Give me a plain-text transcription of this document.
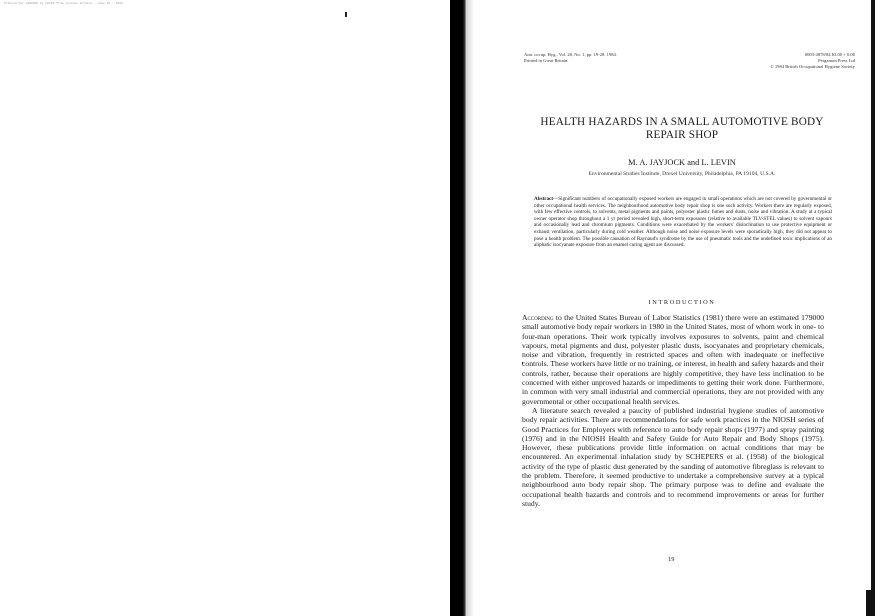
Printed for JANZOCK by LEVIN from journal archive · page 19 · 1984
Ann. occup. Hyg., Vol. 28, No. 1, pp. 19-28, 1984.
Printed in Great Britain.
0003-4878/84 $3.00 + 0.00
Pergamon Press Ltd
© 1984 British Occupational Hygiene Society
HEALTH HAZARDS IN A SMALL AUTOMOTIVE BODY REPAIR SHOP
M. A. JAYJOCK and L. LEVIN
Environmental Studies Institute, Drexel University, Philadelphia, PA 19104, U.S.A.
Abstract—Significant numbers of occupationally exposed workers are engaged in small operations which are not covered by governmental or other occupational health services. The neighbourhood automotive body repair shop is one such activity. Workers there are regularly exposed, with few effective controls, to solvents, metal pigments and paints, polyester plastic fumes and dusts, noise and vibration. A study at a typical owner operator shop throughout a 1 yr period revealed high, short-term exposures (relative to available TLV-STEL values) to solvent vapours and occasionally lead and chromium pigments. Conditions were exacerbated by the workers' disinclination to use protective equipment or exhaust ventilation, particularly during cold weather. Although noise and noise exposure levels were sporadically high, they did not appear to pose a health problem. The possible causation of Raynaud's syndrome by the use of pneumatic tools and the undefined toxic implications of an aliphatic isocyanate exposure from an enamel curing agent are discussed.
INTRODUCTION

According to the United States Bureau of Labor Statistics (1981) there were an estimated 179000 small automotive body repair workers in 1980 in the United States, most of whom work in one- to four-man operations. Their work typically involves exposures to solvents, paint and chemical vapours, metal pigments and dust, polyester plastic dusts, isocyanates and proprietary chemicals, noise and vibration, frequently in restricted spaces and often with inadequate or ineffective controls. These workers have little or no training, or interest, in health and safety hazards and their controls, rather, because their operations are highly competitive, they have less inclination to be concerned with either unproved hazards or impediments to getting their work done. Furthermore, in common with very small industrial and commercial operations, they are not provided with any governmental or other occupational health services.

A literature search revealed a paucity of published industrial hygiene studies of automotive body repair activities. There are recommendations for safe work practices in the NIOSH series of Good Practices for Employers with reference to auto body repair shops (1977) and spray painting (1976) and in the NIOSH Health and Safety Guide for Auto Repair and Body Shops (1975). However, these publications provide little information on actual conditions that may be encountered. An experimental inhalation study by SCHEPERS et al. (1958) of the biological activity of the type of plastic dust generated by the sanding of automotive fibreglass is relevant to the problem. Therefore, it seemed productive to undertake a comprehensive survey at a typical neighbourhood auto body repair shop. The primary purpose was to define and evaluate the occupational health hazards and controls and to recommend improvements or areas for further study.

19
